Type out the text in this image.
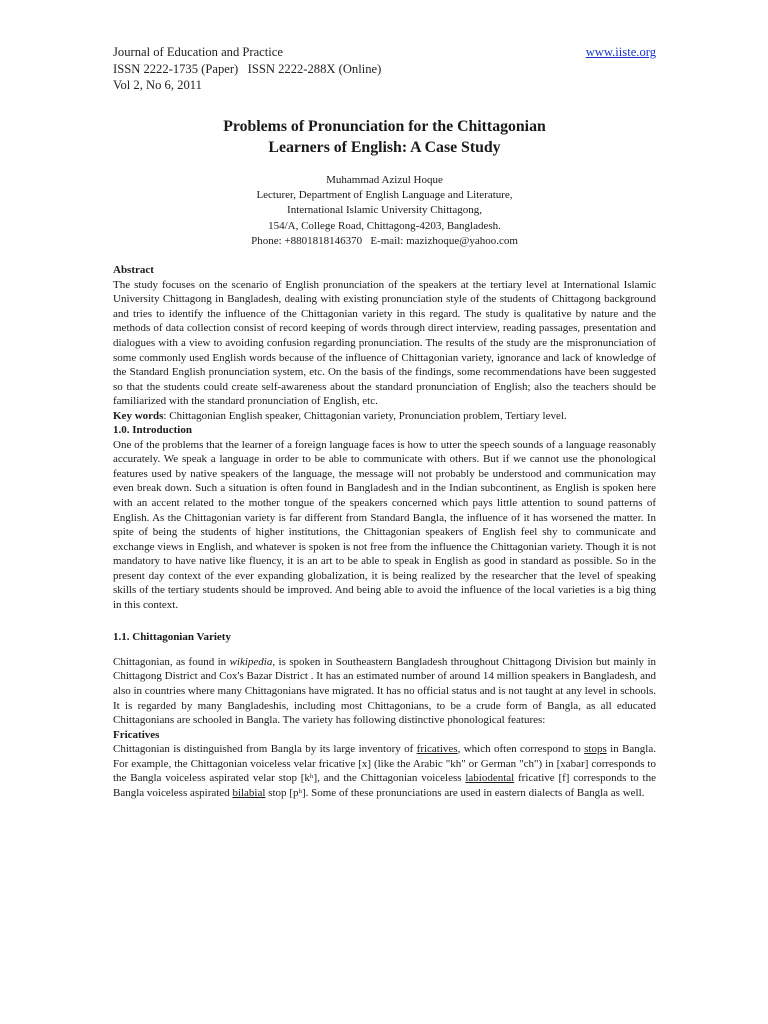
Journal of Education and Practice
ISSN 2222-1735 (Paper)   ISSN 2222-288X (Online)
Vol 2, No 6, 2011
www.iiste.org
Problems of Pronunciation for the Chittagonian
Learners of English: A Case Study
Muhammad Azizul Hoque
Lecturer, Department of English Language and Literature,
International Islamic University Chittagong,
154/A, College Road, Chittagong-4203, Bangladesh.
Phone: +8801818146370   E-mail: mazizhoque@yahoo.com
Abstract

The study focuses on the scenario of English pronunciation of the speakers at the tertiary level at International Islamic University Chittagong in Bangladesh, dealing with existing pronunciation style of the students of Chittagong background and tries to identify the influence of the Chittagonian variety in this regard. The study is qualitative by nature and the methods of data collection consist of record keeping of words through direct interview, reading passages, presentation and dialogues with a view to avoiding confusion regarding pronunciation. The results of the study are the mispronunciation of some commonly used English words because of the influence of Chittagonian variety, ignorance and lack of knowledge of the Standard English pronunciation system, etc. On the basis of the findings, some recommendations have been suggested so that the students could create self-awareness about the standard pronunciation of English; also the teachers should be familiarized with the standard pronunciation of English, etc.

Key words: Chittagonian English speaker, Chittagonian variety, Pronunciation problem, Tertiary level.
1.0. Introduction

One of the problems that the learner of a foreign language faces is how to utter the speech sounds of a language reasonably accurately. We speak a language in order to be able to communicate with others. But if we cannot use the phonological features used by native speakers of the language, the message will not probably be understood and communication may even break down. Such a situation is often found in Bangladesh and in the Indian subcontinent, as English is spoken here with an accent related to the mother tongue of the speakers concerned which pays little attention to sound patterns of English. As the Chittagonian variety is far different from Standard Bangla, the influence of it has worsened the matter. In spite of being the students of higher institutions, the Chittagonian speakers of English feel shy to communicate and exchange views in English, and whatever is spoken is not free from the influence the Chittagonian variety. Though it is not mandatory to have native like fluency, it is an art to be able to speak in English as good in standard as possible. So in the present day context of the ever expanding globalization, it is being realized by the researcher that the level of speaking skills of the tertiary students should be improved. And being able to avoid the influence of the local varieties is a big thing in this context.

1.1. Chittagonian Variety

Chittagonian, as found in wikipedia, is spoken in Southeastern Bangladesh throughout Chittagong Division but mainly in Chittagong District and Cox's Bazar District . It has an estimated number of around 14 million speakers in Bangladesh, and also in countries where many Chittagonians have migrated. It has no official status and is not taught at any level in schools. It is regarded by many Bangladeshis, including most Chittagonians, to be a crude form of Bangla, as all educated Chittagonians are schooled in Bangla. The variety has following distinctive phonological features:

Fricatives

Chittagonian is distinguished from Bangla by its large inventory of fricatives, which often correspond to stops in Bangla. For example, the Chittagonian voiceless velar fricative [x] (like the Arabic "kh" or German "ch") in [xabar] corresponds to the Bangla voiceless aspirated velar stop [kʰ], and the Chittagonian voiceless labiodental fricative [f] corresponds to the Bangla voiceless aspirated bilabial stop [pʰ]. Some of these pronunciations are used in eastern dialects of Bangla as well.
